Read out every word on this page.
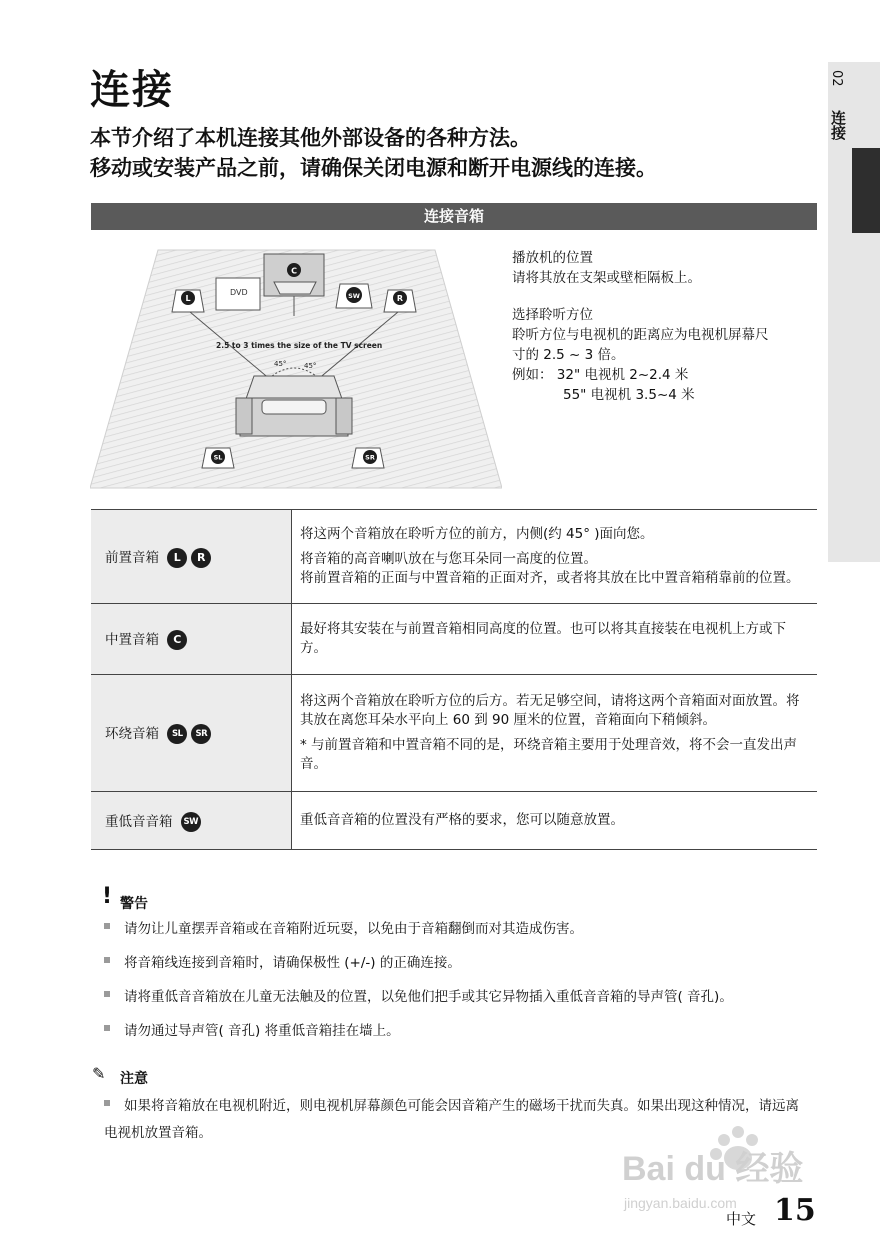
连接

本节介绍了本机连接其他外部设备的各种方法。

移动或安装产品之前，请确保关闭电源和断开电源线的连接。

02
连接
连接音箱
C
DVD
L	SW	R
2.5 to 3 times the size of the TV screen
45°	45°
SL	SR
播放机的位置
请将其放在支架或壁柜隔板上。
选择聆听方位
聆听方位与电视机的距离应为电视机屏幕尺
寸的 2.5 ~ 3 倍。
例如： 32" 电视机 2~2.4 米
55" 电视机 3.5~4 米
前置音箱 L R	将这两个音箱放在聆听方位的前方，内侧(约 45° )面向您。

将音箱的高音喇叭放在与您耳朵同一高度的位置。
将前置音箱的正面与中置音箱的正面对齐，或者将其放在比中置音箱稍靠前的位置。

中置音箱 C	最好将其安装在与前置音箱相同高度的位置。也可以将其直接装在电视机上方或下方。

环绕音箱 SL SR	将这两个音箱放在聆听方位的后方。若无足够空间，请将这两个音箱面对面放置。将其放在离您耳朵水平向上 60 到 90 厘米的位置，音箱面向下稍倾斜。

* 与前置音箱和中置音箱不同的是，环绕音箱主要用于处理音效，将不会一直发出声音。

重低音音箱 SW	重低音音箱的位置没有严格的要求，您可以随意放置。

! 警告
请勿让儿童摆弄音箱或在音箱附近玩耍，以免由于音箱翻倒而对其造成伤害。
将音箱线连接到音箱时，请确保极性 (+/-) 的正确连接。
请将重低音音箱放在儿童无法触及的位置，以免他们把手或其它异物插入重低音音箱的导声管( 音孔)。
请勿通过导声管( 音孔) 将重低音箱挂在墙上。
✎ 注意
如果将音箱放在电视机附近，则电视机屏幕颜色可能会因音箱产生的磁场干扰而失真。如果出现这种情况，请远离电视机放置音箱。
Bai du 经验
jingyan.baidu.com
中文 15
